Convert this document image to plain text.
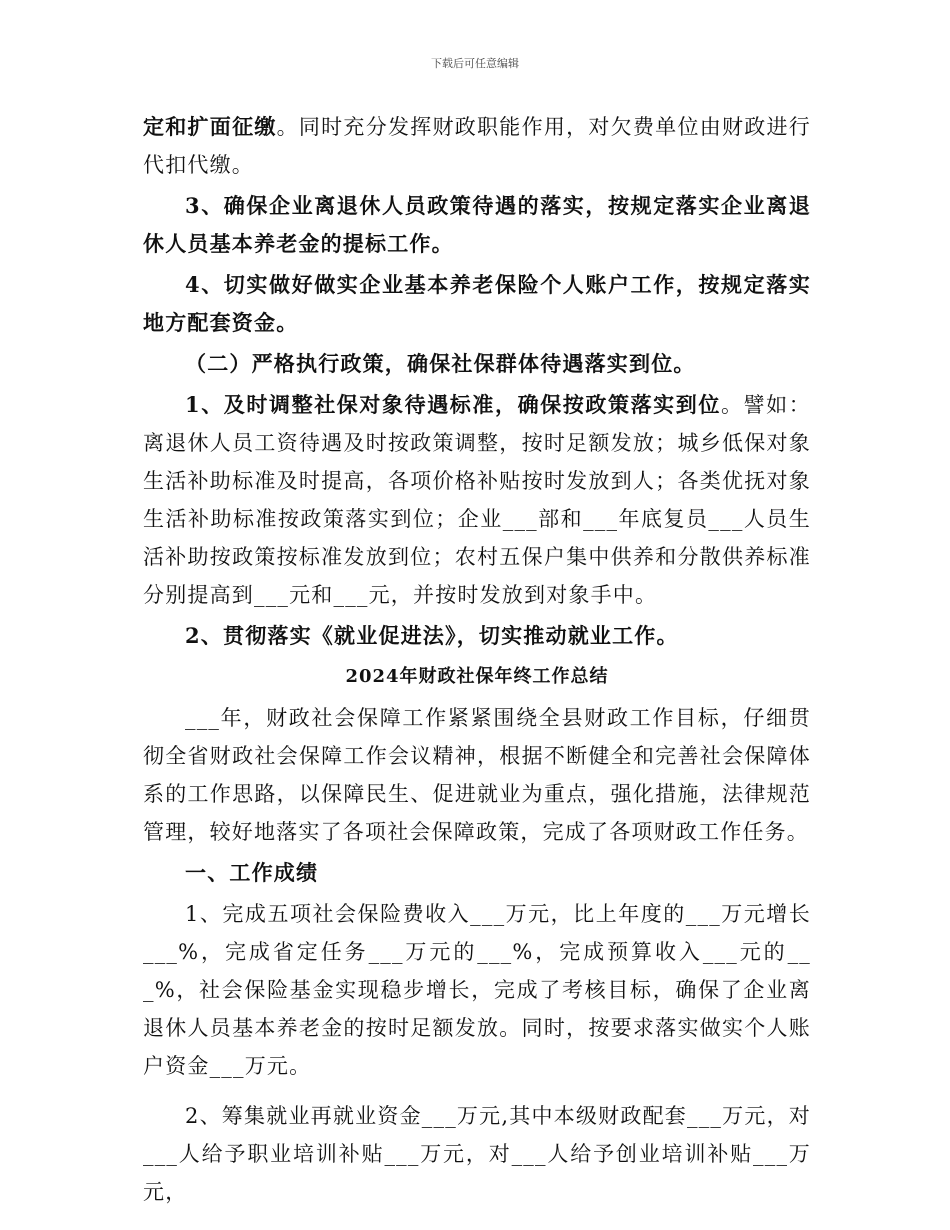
下载后可任意编辑

定和扩面征缴。同时充分发挥财政职能作用，对欠费单位由财政进行代扣代缴。

3、确保企业离退休人员政策待遇的落实，按规定落实企业离退休人员基本养老金的提标工作。

4、切实做好做实企业基本养老保险个人账户工作，按规定落实地方配套资金。

（二）严格执行政策，确保社保群体待遇落实到位。

1、及时调整社保对象待遇标准，确保按政策落实到位。譬如：离退休人员工资待遇及时按政策调整，按时足额发放；城乡低保对象生活补助标准及时提高，各项价格补贴按时发放到人；各类优抚对象生活补助标准按政策落实到位；企业___部和___年底复员___人员生活补助按政策按标准发放到位；农村五保户集中供养和分散供养标准分别提高到___元和___元，并按时发放到对象手中。

2、贯彻落实《就业促进法》，切实推动就业工作。

2024年财政社保年终工作总结

___年，财政社会保障工作紧紧围绕全县财政工作目标，仔细贯彻全省财政社会保障工作会议精神，根据不断健全和完善社会保障体系的工作思路，以保障民生、促进就业为重点，强化措施，法律规范管理，较好地落实了各项社会保障政策，完成了各项财政工作任务。

一、工作成绩

1、完成五项社会保险费收入___万元，比上年度的___万元增长___%，完成省定任务___万元的___%，完成预算收入___元的___%，社会保险基金实现稳步增长，完成了考核目标，确保了企业离退休人员基本养老金的按时足额发放。同时，按要求落实做实个人账户资金___万元。

2、筹集就业再就业资金___万元,其中本级财政配套___万元，对___人给予职业培训补贴___万元，对___人给予创业培训补贴___万元，
